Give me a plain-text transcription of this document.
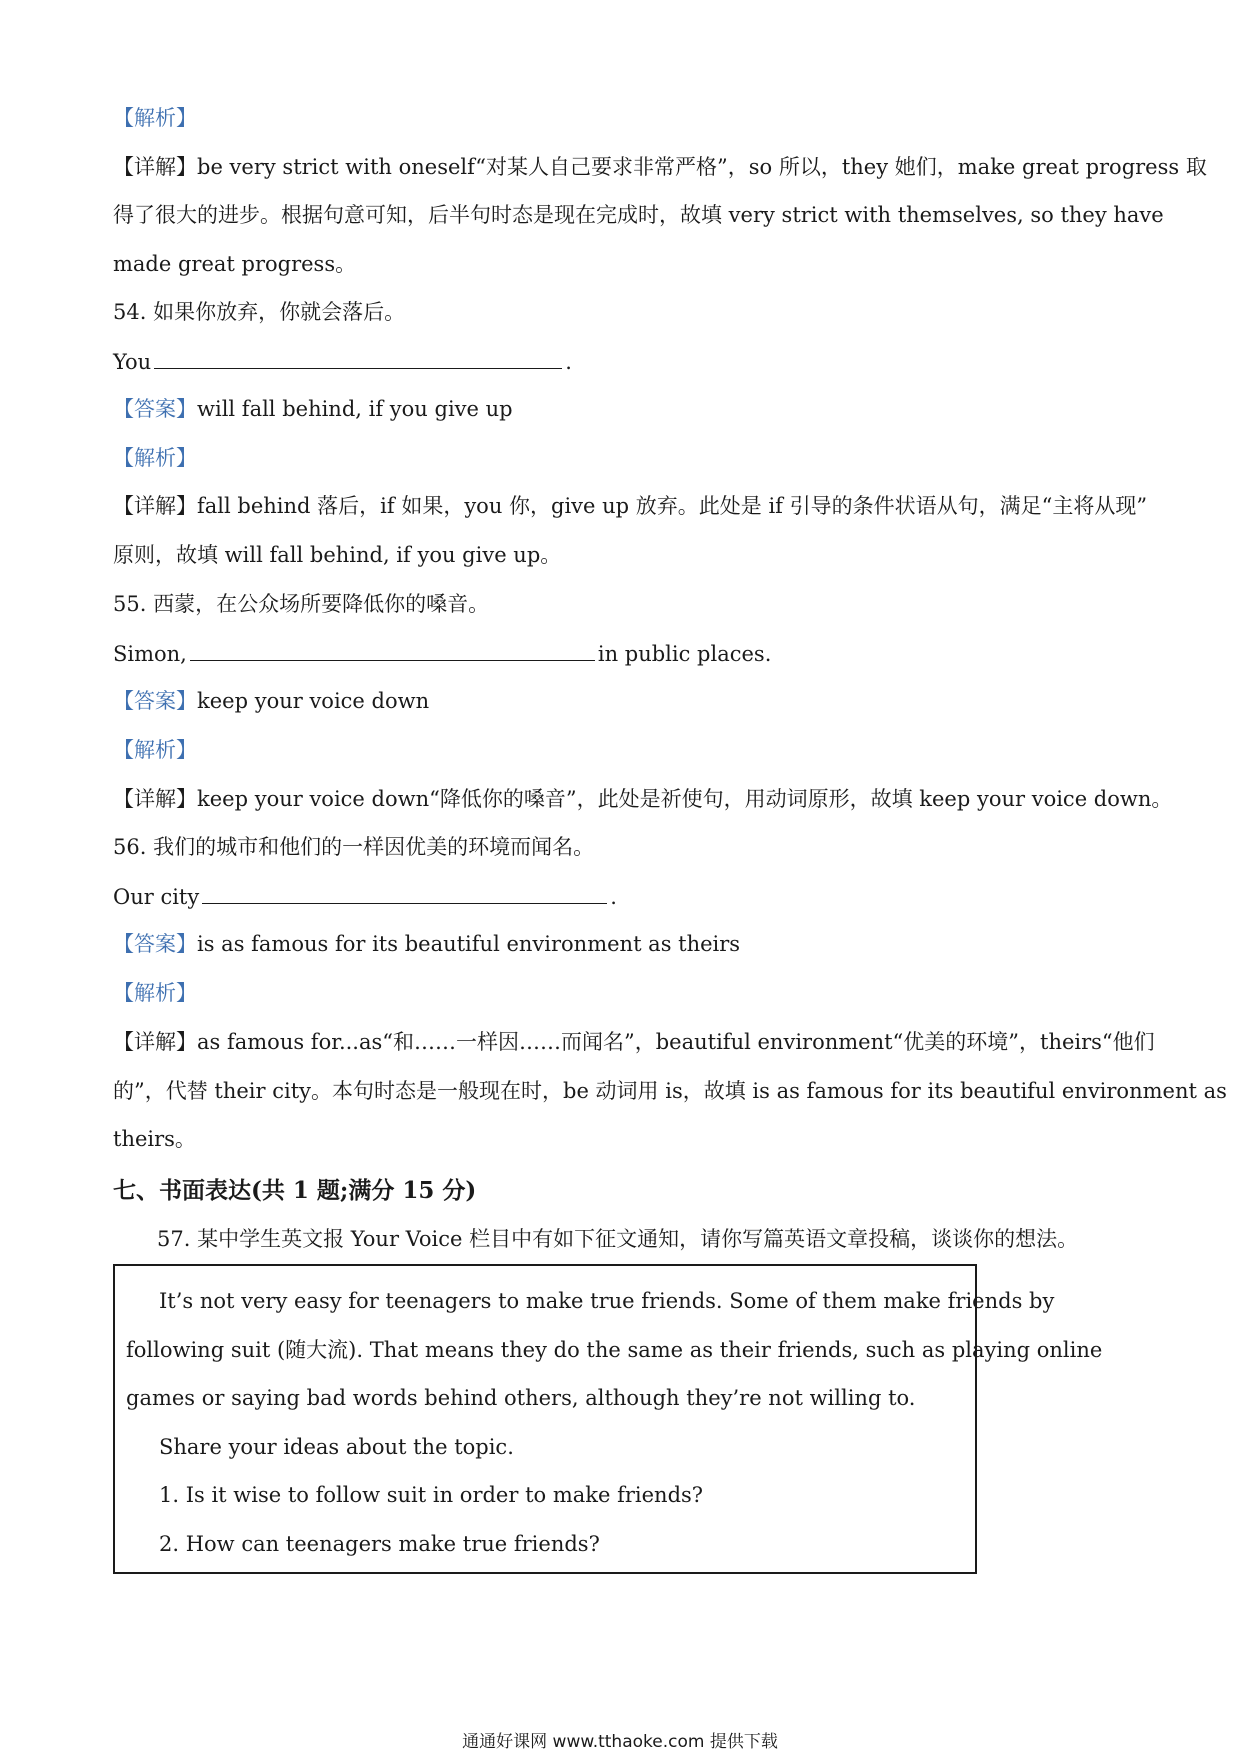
【解析】
【详解】be very strict with oneself“对某人自己要求非常严格”，so 所以，they 她们，make great progress 取
得了很大的进步。根据句意可知，后半句时态是现在完成时，故填 very strict with themselves, so they have
made great progress。
54. 如果你放弃，你就会落后。
You	.
【答案】will fall behind, if you give up
【解析】
【详解】fall behind 落后，if 如果，you 你，give up 放弃。此处是 if 引导的条件状语从句，满足“主将从现”
原则，故填 will fall behind, if you give up。
55. 西蒙，在公众场所要降低你的嗓音。
Simon,	in public places.
【答案】keep your voice down
【解析】
【详解】keep your voice down“降低你的嗓音”，此处是祈使句，用动词原形，故填 keep your voice down。
56. 我们的城市和他们的一样因优美的环境而闻名。
Our city	.
【答案】is as famous for its beautiful environment as theirs
【解析】
【详解】as famous for...as“和……一样因……而闻名”，beautiful environment“优美的环境”，theirs“他们
的”，代替 their city。本句时态是一般现在时，be 动词用 is，故填 is as famous for its beautiful environment as
theirs。
七、书面表达(共 1 题;满分 15 分)
57. 某中学生英文报 Your Voice 栏目中有如下征文通知，请你写篇英语文章投稿，谈谈你的想法。
It’s not very easy for teenagers to make true friends. Some of them make friends by
following suit (随大流). That means they do the same as their friends, such as playing online
games or saying bad words behind others, although they’re not willing to.
Share your ideas about the topic.
1. Is it wise to follow suit in order to make friends?
2. How can teenagers make true friends?
通通好课网 www.tthaoke.com 提供下载
